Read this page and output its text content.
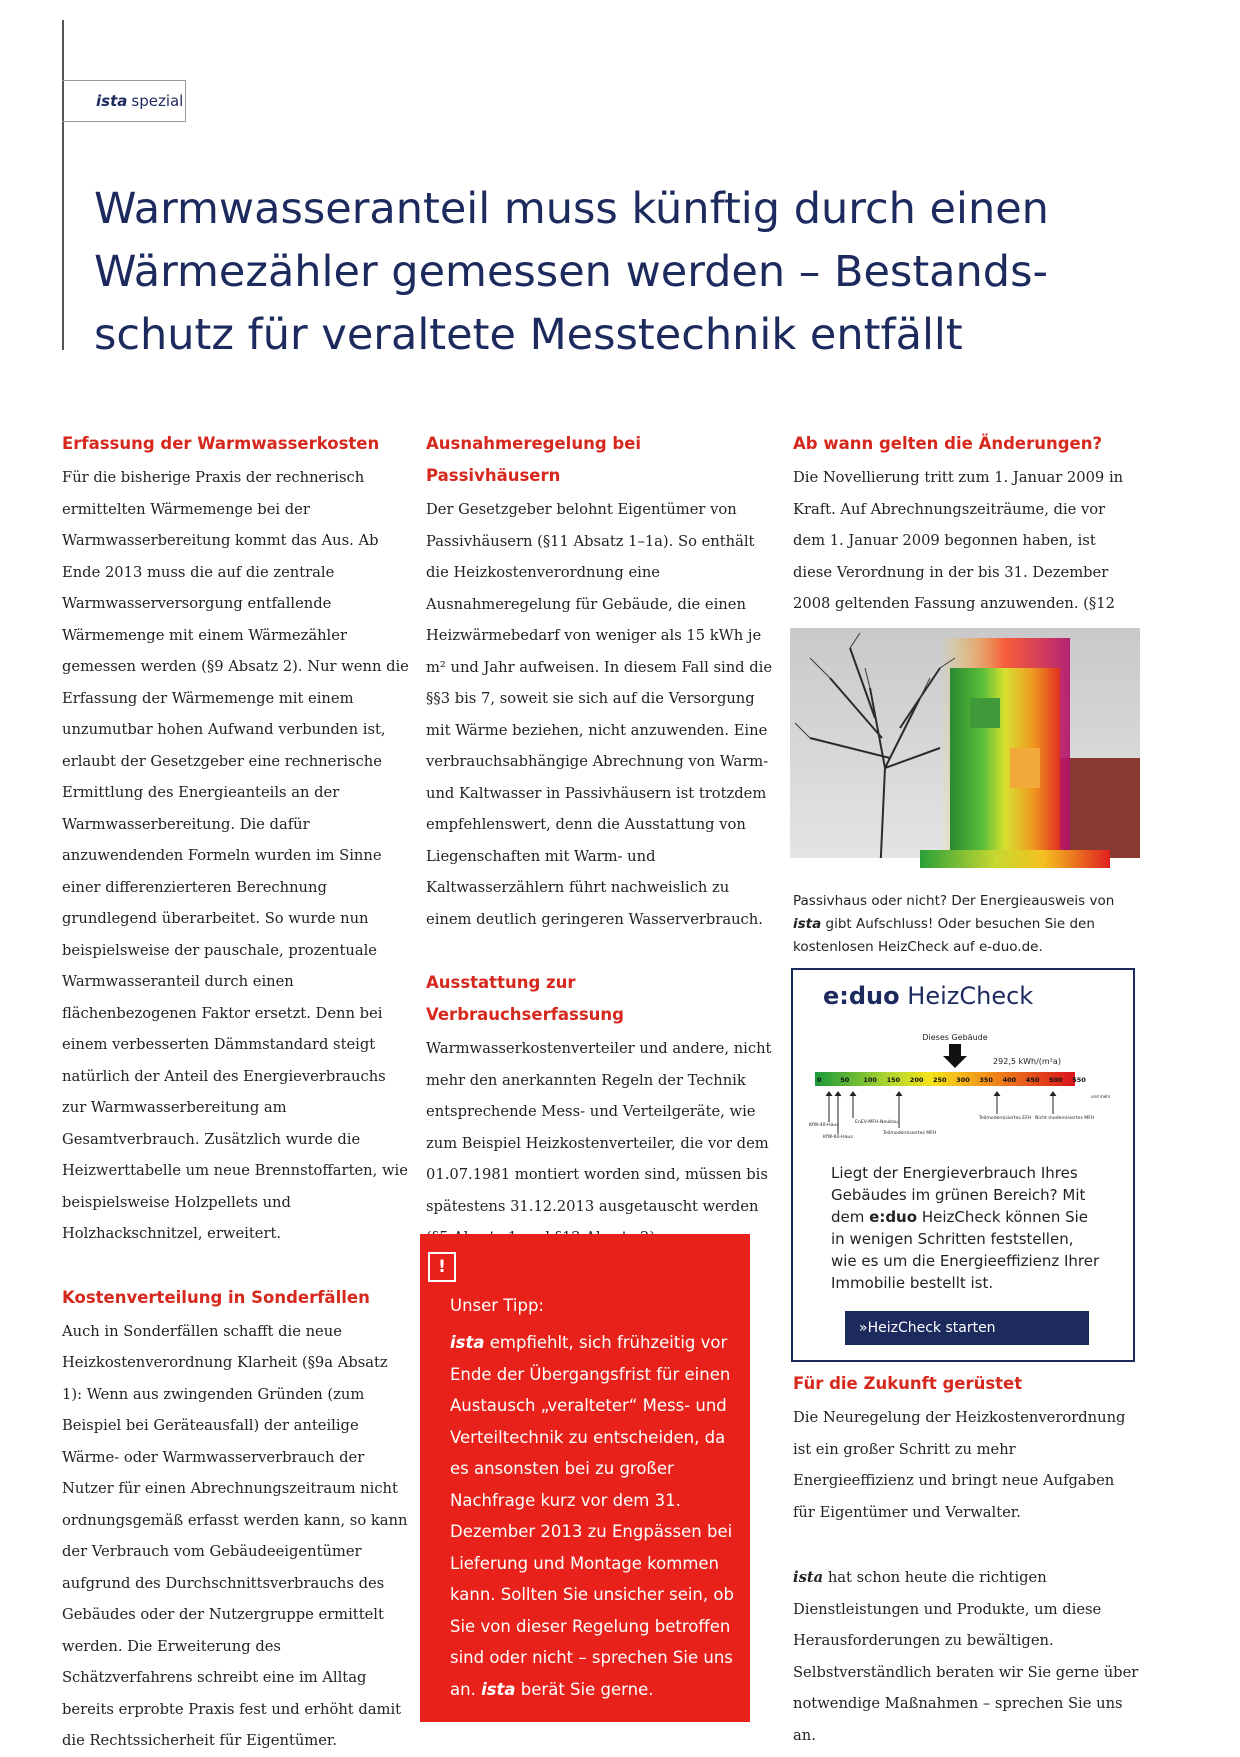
ista spezial
Warmwasseranteil muss künftig durch einen
Wärmezähler gemessen werden – Bestands-
schutz für veraltete Messtechnik entfällt
Erfassung der Warmwasserkosten

Für die bisherige Praxis der rechnerisch ermittelten Wärmemenge bei der Warmwasserbereitung kommt das Aus. Ab Ende 2013 muss die auf die zentrale Warmwasserversorgung entfallende Wärmemenge mit einem Wärmezähler gemessen werden (§9 Absatz 2). Nur wenn die Erfassung der Wärmemenge mit einem unzumutbar hohen Aufwand verbunden ist, erlaubt der Gesetzgeber eine rechnerische Ermittlung des Energieanteils an der Warmwasserbereitung. Die dafür anzuwendenden Formeln wurden im Sinne einer differenzierteren Berechnung grundlegend überarbeitet. So wurde nun beispielsweise der pauschale, prozentuale Warmwasseranteil durch einen flächenbezogenen Faktor ersetzt. Denn bei einem verbesserten Dämmstandard steigt natürlich der Anteil des Energieverbrauchs zur Warmwasserbereitung am Gesamtverbrauch. Zusätzlich wurde die Heizwerttabelle um neue Brennstoffarten, wie beispielsweise Holzpellets und Holzhackschnitzel, erweitert.

Kostenverteilung in Sonderfällen

Auch in Sonderfällen schafft die neue Heizkostenverordnung Klarheit (§9a Absatz 1): Wenn aus zwingenden Gründen (zum Beispiel bei Geräteausfall) der anteilige Wärme- oder Warmwasserverbrauch der Nutzer für einen Abrechnungszeitraum nicht ordnungsgemäß erfasst werden kann, so kann der Verbrauch vom Gebäudeeigentümer aufgrund des Durchschnittsverbrauchs des Gebäudes oder der Nutzergruppe ermittelt werden. Die Erweiterung des Schätzverfahrens schreibt eine im Alltag bereits erprobte Praxis fest und erhöht damit die Rechtssicherheit für Eigentümer.

Ausnahmeregelung bei Passivhäusern

Der Gesetzgeber belohnt Eigentümer von Passivhäusern (§11 Absatz 1–1a). So enthält die Heizkostenverordnung eine Ausnahmeregelung für Gebäude, die einen Heizwärmebedarf von weniger als 15 kWh je m² und Jahr aufweisen. In diesem Fall sind die §§3 bis 7, soweit sie sich auf die Versorgung mit Wärme beziehen, nicht anzuwenden. Eine verbrauchsabhängige Abrechnung von Warm- und Kaltwasser in Passivhäusern ist trotzdem empfehlenswert, denn die Ausstattung von Liegenschaften mit Warm- und Kaltwasserzählern führt nachweislich zu einem deutlich geringeren Wasserverbrauch.

Ausstattung zur Verbrauchserfassung

Warmwasserkostenverteiler und andere, nicht mehr den anerkannten Regeln der Technik entsprechende Mess- und Verteilgeräte, wie zum Beispiel Heizkostenverteiler, die vor dem 01.07.1981 montiert worden sind, müssen bis spätestens 31.12.2013 ausgetauscht werden

!
Unser Tipp:

ista empfiehlt, sich frühzeitig vor Ende der Übergangsfrist für einen Austausch „veralteter“ Mess- und Verteiltechnik zu entscheiden, da es ansonsten bei zu großer Nachfrage kurz vor dem 31. Dezember 2013 zu Engpässen bei Lieferung und Montage kommen kann. Sollten Sie unsicher sein, ob Sie von dieser Regelung betroffen sind oder nicht – sprechen Sie uns an. ista berät Sie gerne.

Ab wann gelten die Änderungen?

Die Novellierung tritt zum 1. Januar 2009 in Kraft. Auf Abrechnungszeiträume, die vor dem 1. Januar 2009 begonnen haben, ist diese Verordnung in der bis 31. Dezember 2008 geltenden Fassung anzuwenden. (§12

Passivhaus oder nicht? Der Energieausweis von ista gibt Aufschluss! Oder besuchen Sie den kostenlosen HeizCheck auf e-duo.de.
e:duo HeizCheck
Dieses Gebäude
292,5 kWh/(m²a)
0	50 100 150 200 250 300 350 400 450 500 550
und mehr
KfW-40-Haus
KfW-60-Haus
EnEV-MFH-Neubau
Teilmodernisiertes MFH
Teilmodernisiertes EFH Nicht modernisiertes MFH
Liegt der Energieverbrauch Ihres Gebäudes im grünen Bereich? Mit dem e:duo HeizCheck können Sie in wenigen Schritten feststellen, wie es um die Energieeffizienz Ihrer Immobilie bestellt ist.
»HeizCheck starten
Für die Zukunft gerüstet

Die Neuregelung der Heizkostenverordnung ist ein großer Schritt zu mehr Energieeffizienz und bringt neue Aufgaben für Eigentümer und Verwalter.

ista hat schon heute die richtigen Dienstleistungen und Produkte, um diese Herausforderungen zu bewältigen. Selbstverständlich beraten wir Sie gerne über notwendige Maßnahmen – sprechen Sie uns an.
